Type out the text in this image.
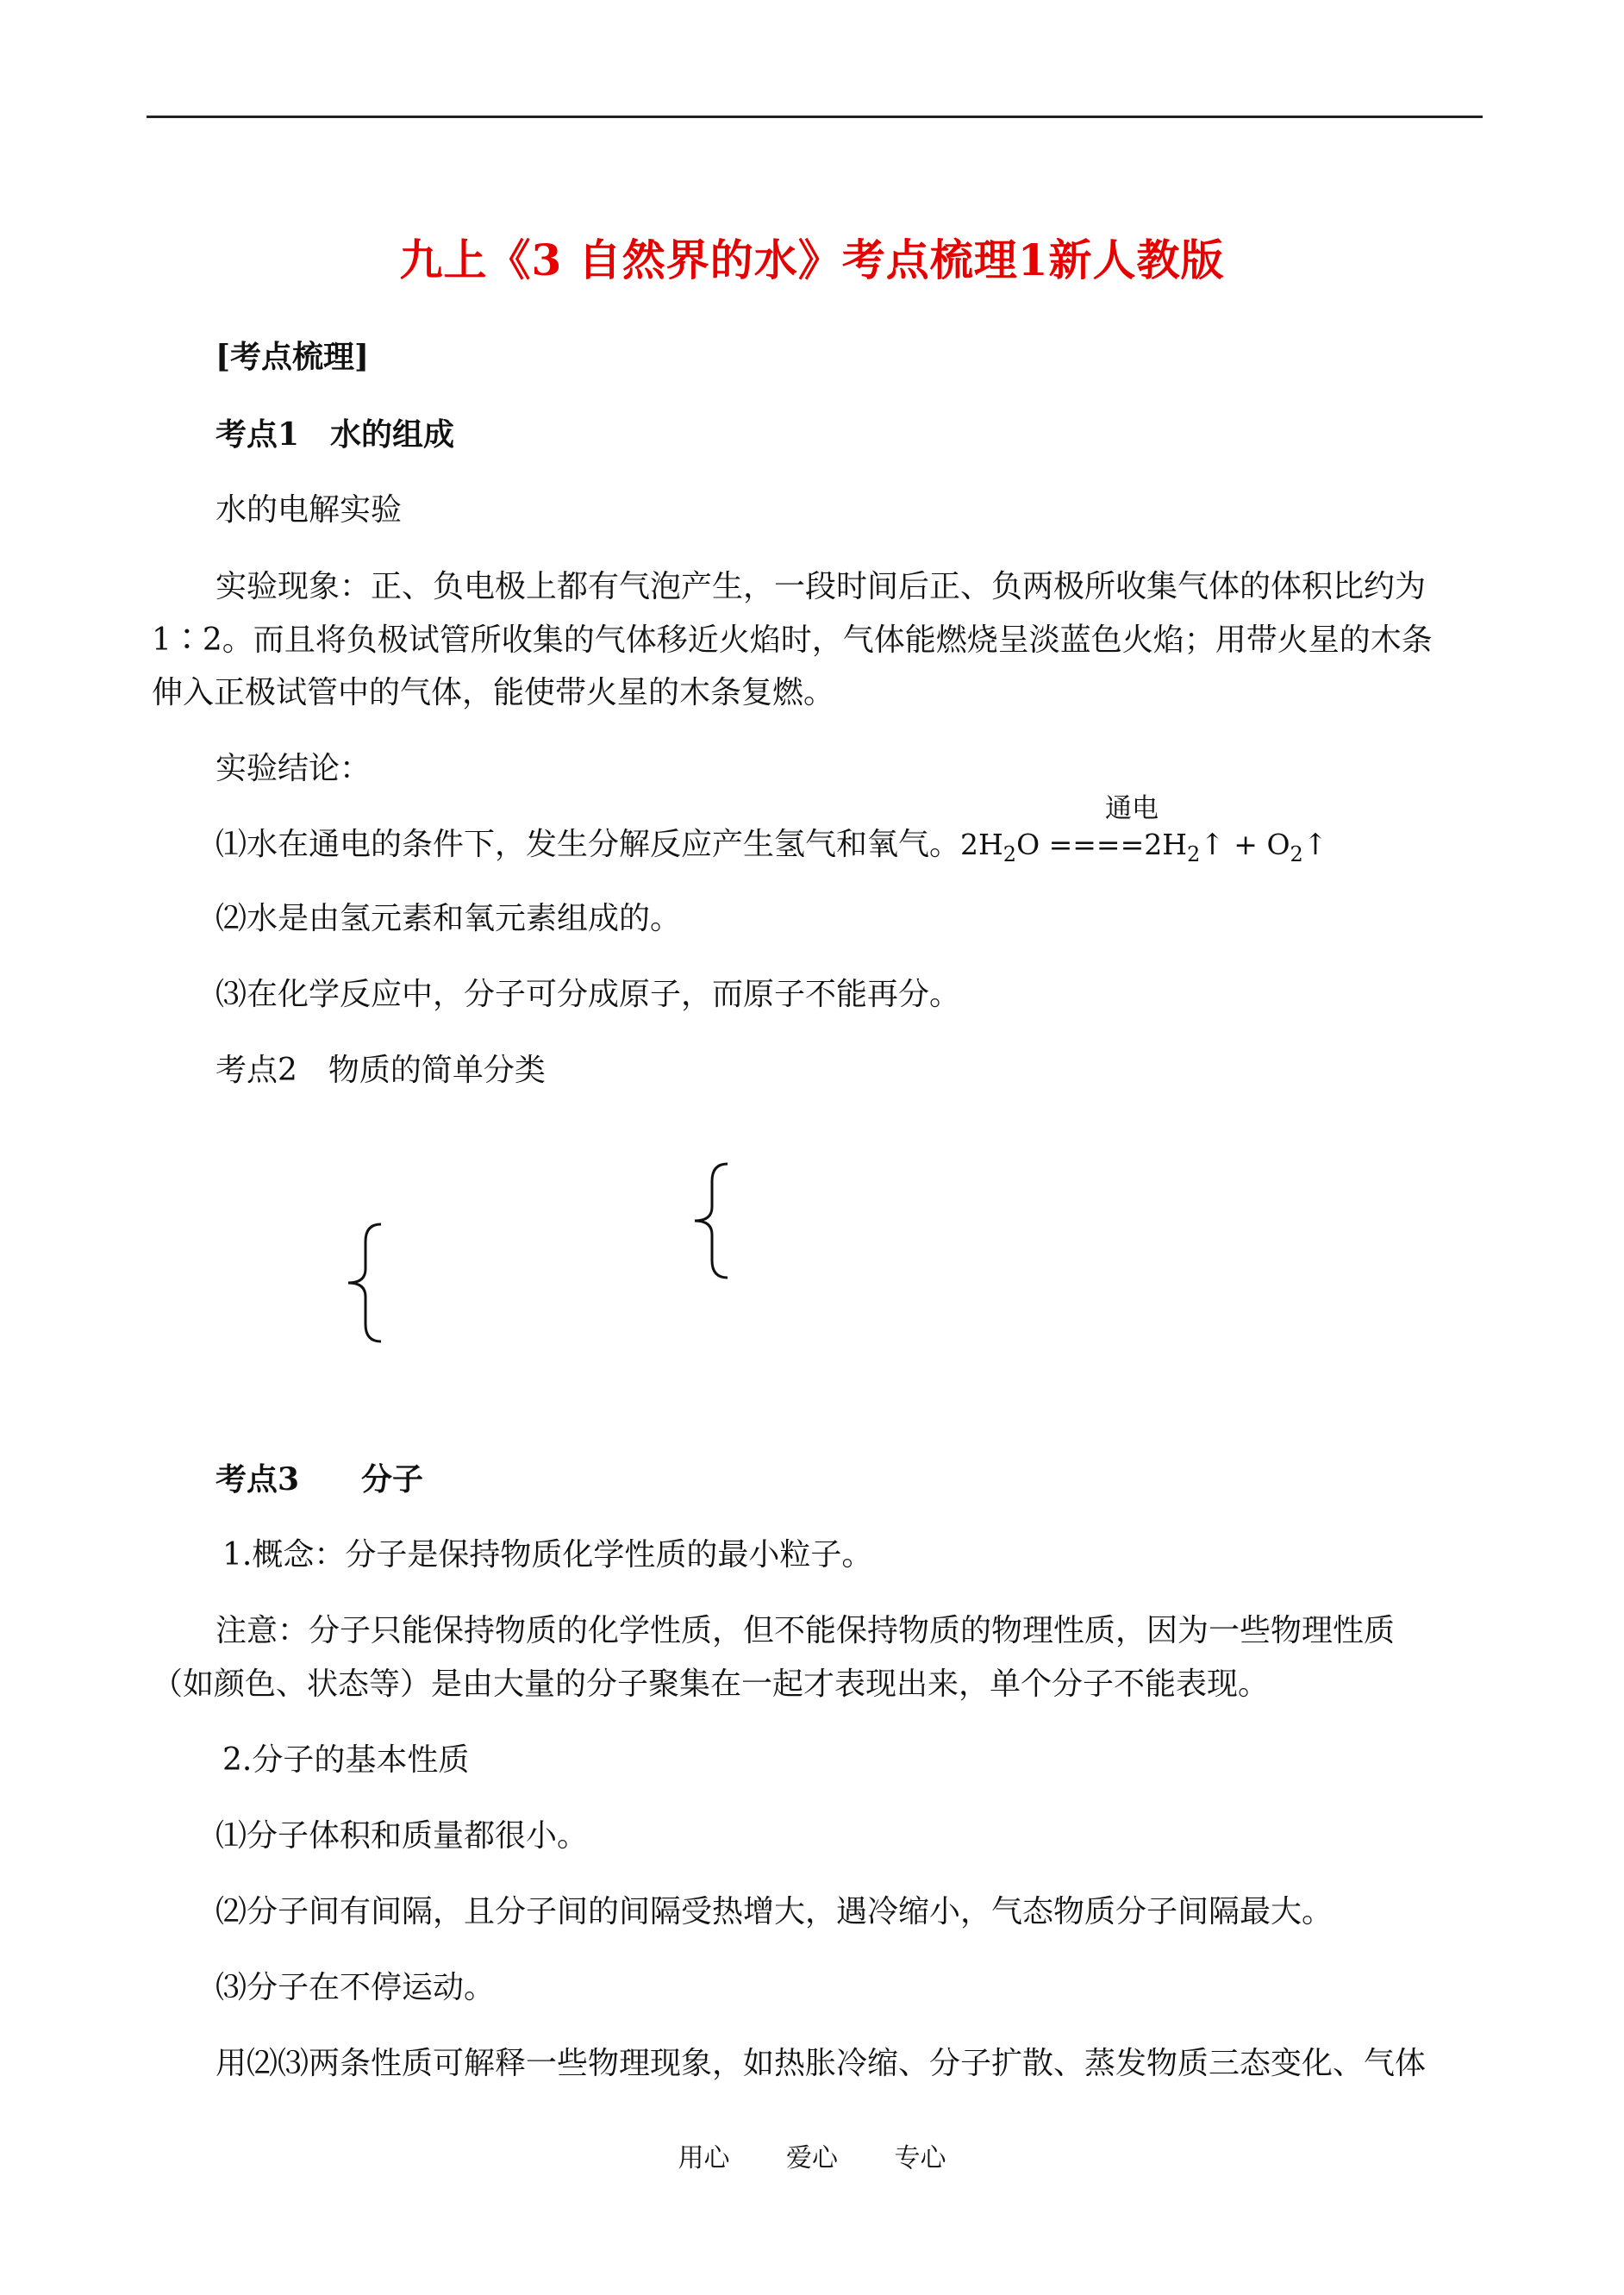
九上《3 自然界的水》考点梳理1新人教版
[考点梳理]
考点1　水的组成
水的电解实验
实验现象：正、负电极上都有气泡产生，一段时间后正、负两极所收集气体的体积比约为
1∶2。而且将负极试管所收集的气体移近火焰时，气体能燃烧呈淡蓝色火焰；用带火星的木条
伸入正极试管中的气体，能使带火星的木条复燃。
实验结论：
通电
⑴水在通电的条件下，发生分解反应产生氢气和氧气。$2H_2O$ $====2H_2↑$ + $O_2↑$
⑵水是由氢元素和氧元素组成的。
⑶在化学反应中，分子可分成原子，而原子不能再分。
考点2　物质的简单分类
考点3　　分子
1.概念：分子是保持物质化学性质的最小粒子。
注意：分子只能保持物质的化学性质，但不能保持物质的物理性质，因为一些物理性质
（如颜色、状态等）是由大量的分子聚集在一起才表现出来，单个分子不能表现。
2.分子的基本性质
⑴分子体积和质量都很小。
⑵分子间有间隔，且分子间的间隔受热增大，遇冷缩小，气态物质分子间隔最大。
⑶分子在不停运动。
用⑵⑶两条性质可解释一些物理现象，如热胀冷缩、分子扩散、蒸发物质三态变化、气体
用心 爱心 专心
